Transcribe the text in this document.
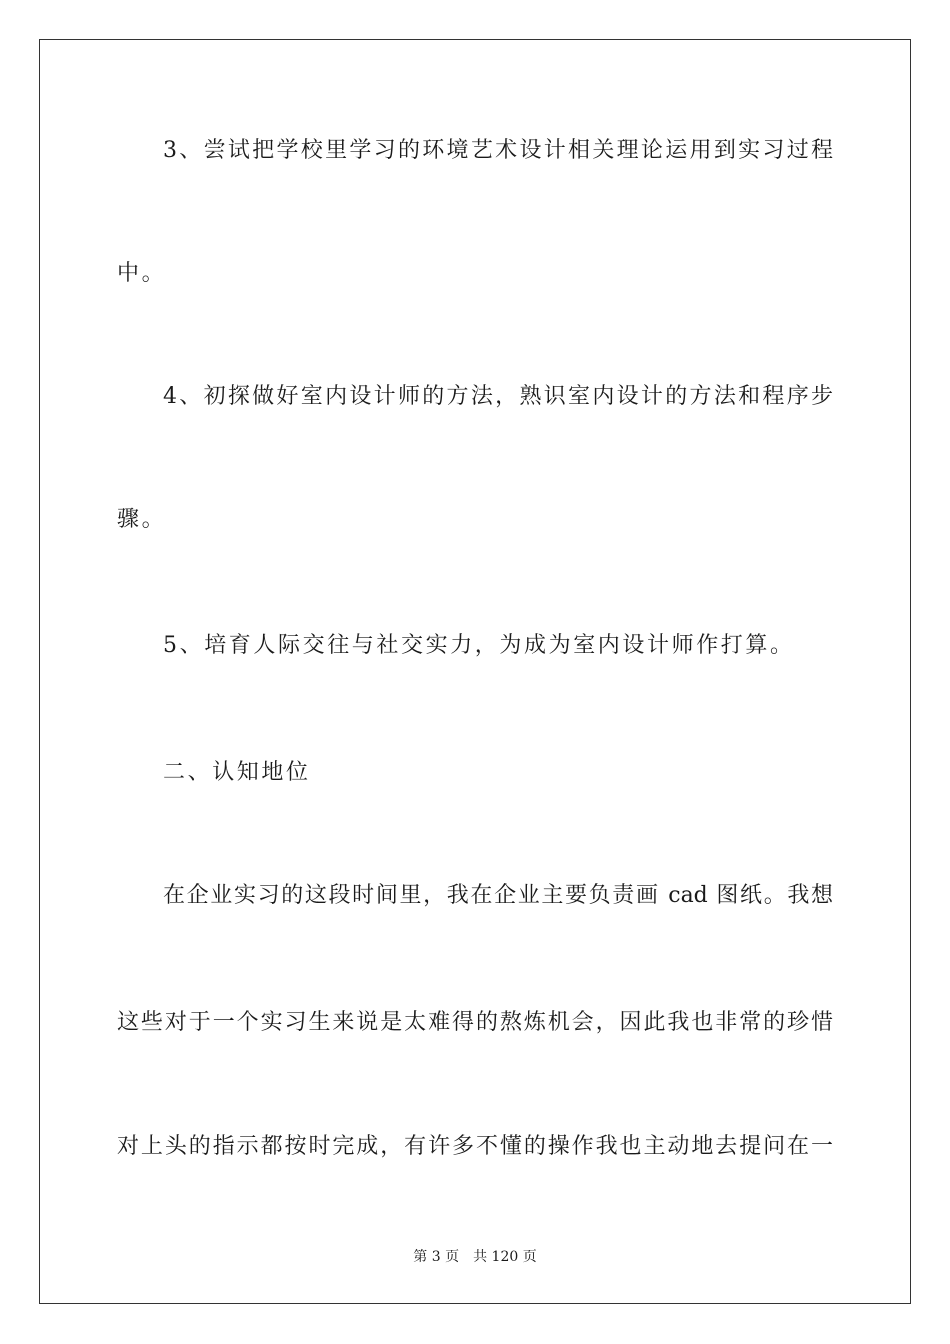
3、尝试把学校里学习的环境艺术设计相关理论运用到实习过程
中。
4、初探做好室内设计师的方法，熟识室内设计的方法和程序步
骤。
5、培育人际交往与社交实力，为成为室内设计师作打算。
二、认知地位
在企业实习的这段时间里，我在企业主要负责画 cad 图纸。我想
这些对于一个实习生来说是太难得的熬炼机会，因此我也非常的珍惜
对上头的指示都按时完成，有许多不懂的操作我也主动地去提问在一
第 3 页 共 120 页
